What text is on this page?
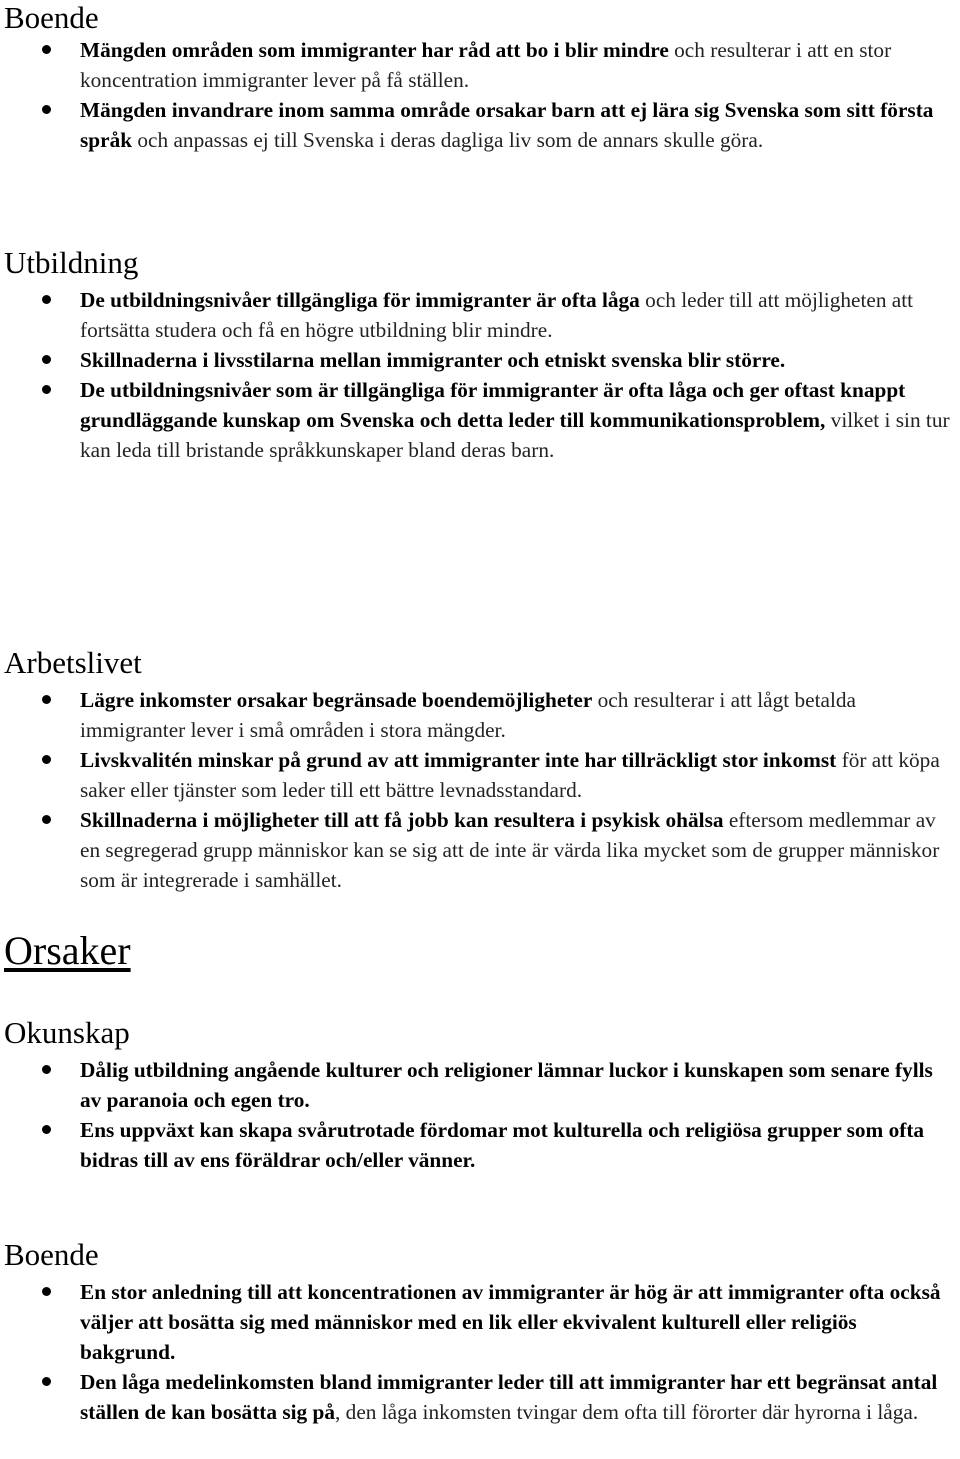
Boende
Mängden områden som immigranter har råd att bo i blir mindre och resulterar i att en stor koncentration immigranter lever på få ställen.
Mängden invandrare inom samma område orsakar barn att ej lära sig Svenska som sitt första språk och anpassas ej till Svenska i deras dagliga liv som de annars skulle göra.
Utbildning
De utbildningsnivåer tillgängliga för immigranter är ofta låga och leder till att möjligheten att fortsätta studera och få en högre utbildning blir mindre.
Skillnaderna i livsstilarna mellan immigranter och etniskt svenska blir större.
De utbildningsnivåer som är tillgängliga för immigranter är ofta låga och ger oftast knappt grundläggande kunskap om Svenska och detta leder till kommunikationsproblem, vilket i sin tur kan leda till bristande språkkunskaper bland deras barn.
Arbetslivet
Lägre inkomster orsakar begränsade boendemöjligheter och resulterar i att lågt betalda immigranter lever i små områden i stora mängder.
Livskvalitén minskar på grund av att immigranter inte har tillräckligt stor inkomst för att köpa saker eller tjänster som leder till ett bättre levnadsstandard.
Skillnaderna i möjligheter till att få jobb kan resultera i psykisk ohälsa eftersom medlemmar av en segregerad grupp människor kan se sig att de inte är värda lika mycket som de grupper människor som är integrerade i samhället.
Orsaker
Okunskap
Dålig utbildning angående kulturer och religioner lämnar luckor i kunskapen som senare fylls av paranoia och egen tro.
Ens uppväxt kan skapa svårutrotade fördomar mot kulturella och religiösa grupper som ofta bidras till av ens föräldrar och/eller vänner.
Boende
En stor anledning till att koncentrationen av immigranter är hög är att immigranter ofta också väljer att bosätta sig med människor med en lik eller ekvivalent kulturell eller religiös bakgrund.
Den låga medelinkomsten bland immigranter leder till att immigranter har ett begränsat antal ställen de kan bosätta sig på, den låga inkomsten tvingar dem ofta till förorter där hyrorna i låga.
